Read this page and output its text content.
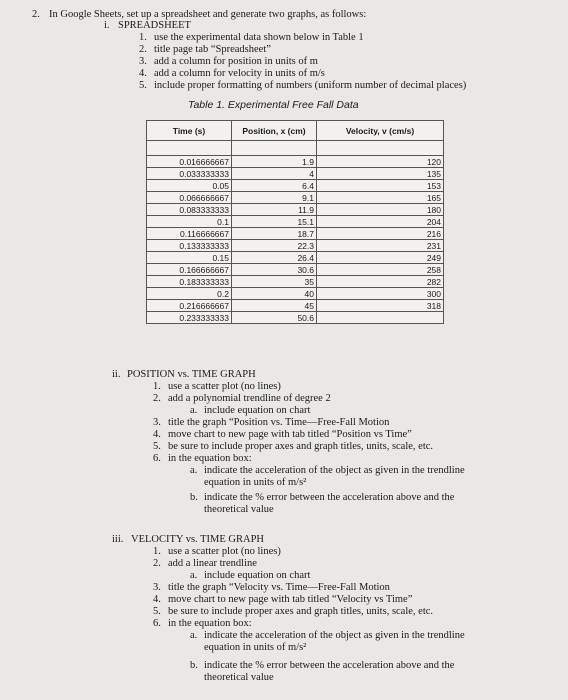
2. In Google Sheets, set up a spreadsheet and generate two graphs, as follows:
i. SPREADSHEET
1. use the experimental data shown below in Table 1
2. title page tab “Spreadsheet”
3. add a column for position in units of m
4. add a column for velocity in units of m/s
5. include proper formatting of numbers (uniform number of decimal places)
Table 1. Experimental Free Fall Data
Time (s)	Position, x (cm)	Velocity, v (cm/s)

0.016666667	1.9	120
0.033333333	4	135
0.05	6.4	153
0.066666667	9.1	165
0.083333333	11.9	180
0.1	15.1	204
0.116666667	18.7	216
0.133333333	22.3	231
0.15	26.4	249
0.166666667	30.6	258
0.183333333	35	282
0.2	40	300
0.216666667	45	318
0.233333333	50.6	
ii. POSITION vs. TIME GRAPH
1. use a scatter plot (no lines)
2. add a polynomial trendline of degree 2
a. include equation on chart
3. title the graph “Position vs. Time—Free-Fall Motion
4. move chart to new page with tab titled “Position vs Time”
5. be sure to include proper axes and graph titles, units, scale, etc.
6. in the equation box:
a. indicate the acceleration of the object as given in the trendline
equation in units of m/s²
b. indicate the % error between the acceleration above and the
theoretical value
iii. VELOCITY vs. TIME GRAPH
1. use a scatter plot (no lines)
2. add a linear trendline
a. include equation on chart
3. title the graph “Velocity vs. Time—Free-Fall Motion
4. move chart to new page with tab titled “Velocity vs Time”
5. be sure to include proper axes and graph titles, units, scale, etc.
6. in the equation box:
a. indicate the acceleration of the object as given in the trendline
equation in units of m/s²
b. indicate the % error between the acceleration above and the
theoretical value
